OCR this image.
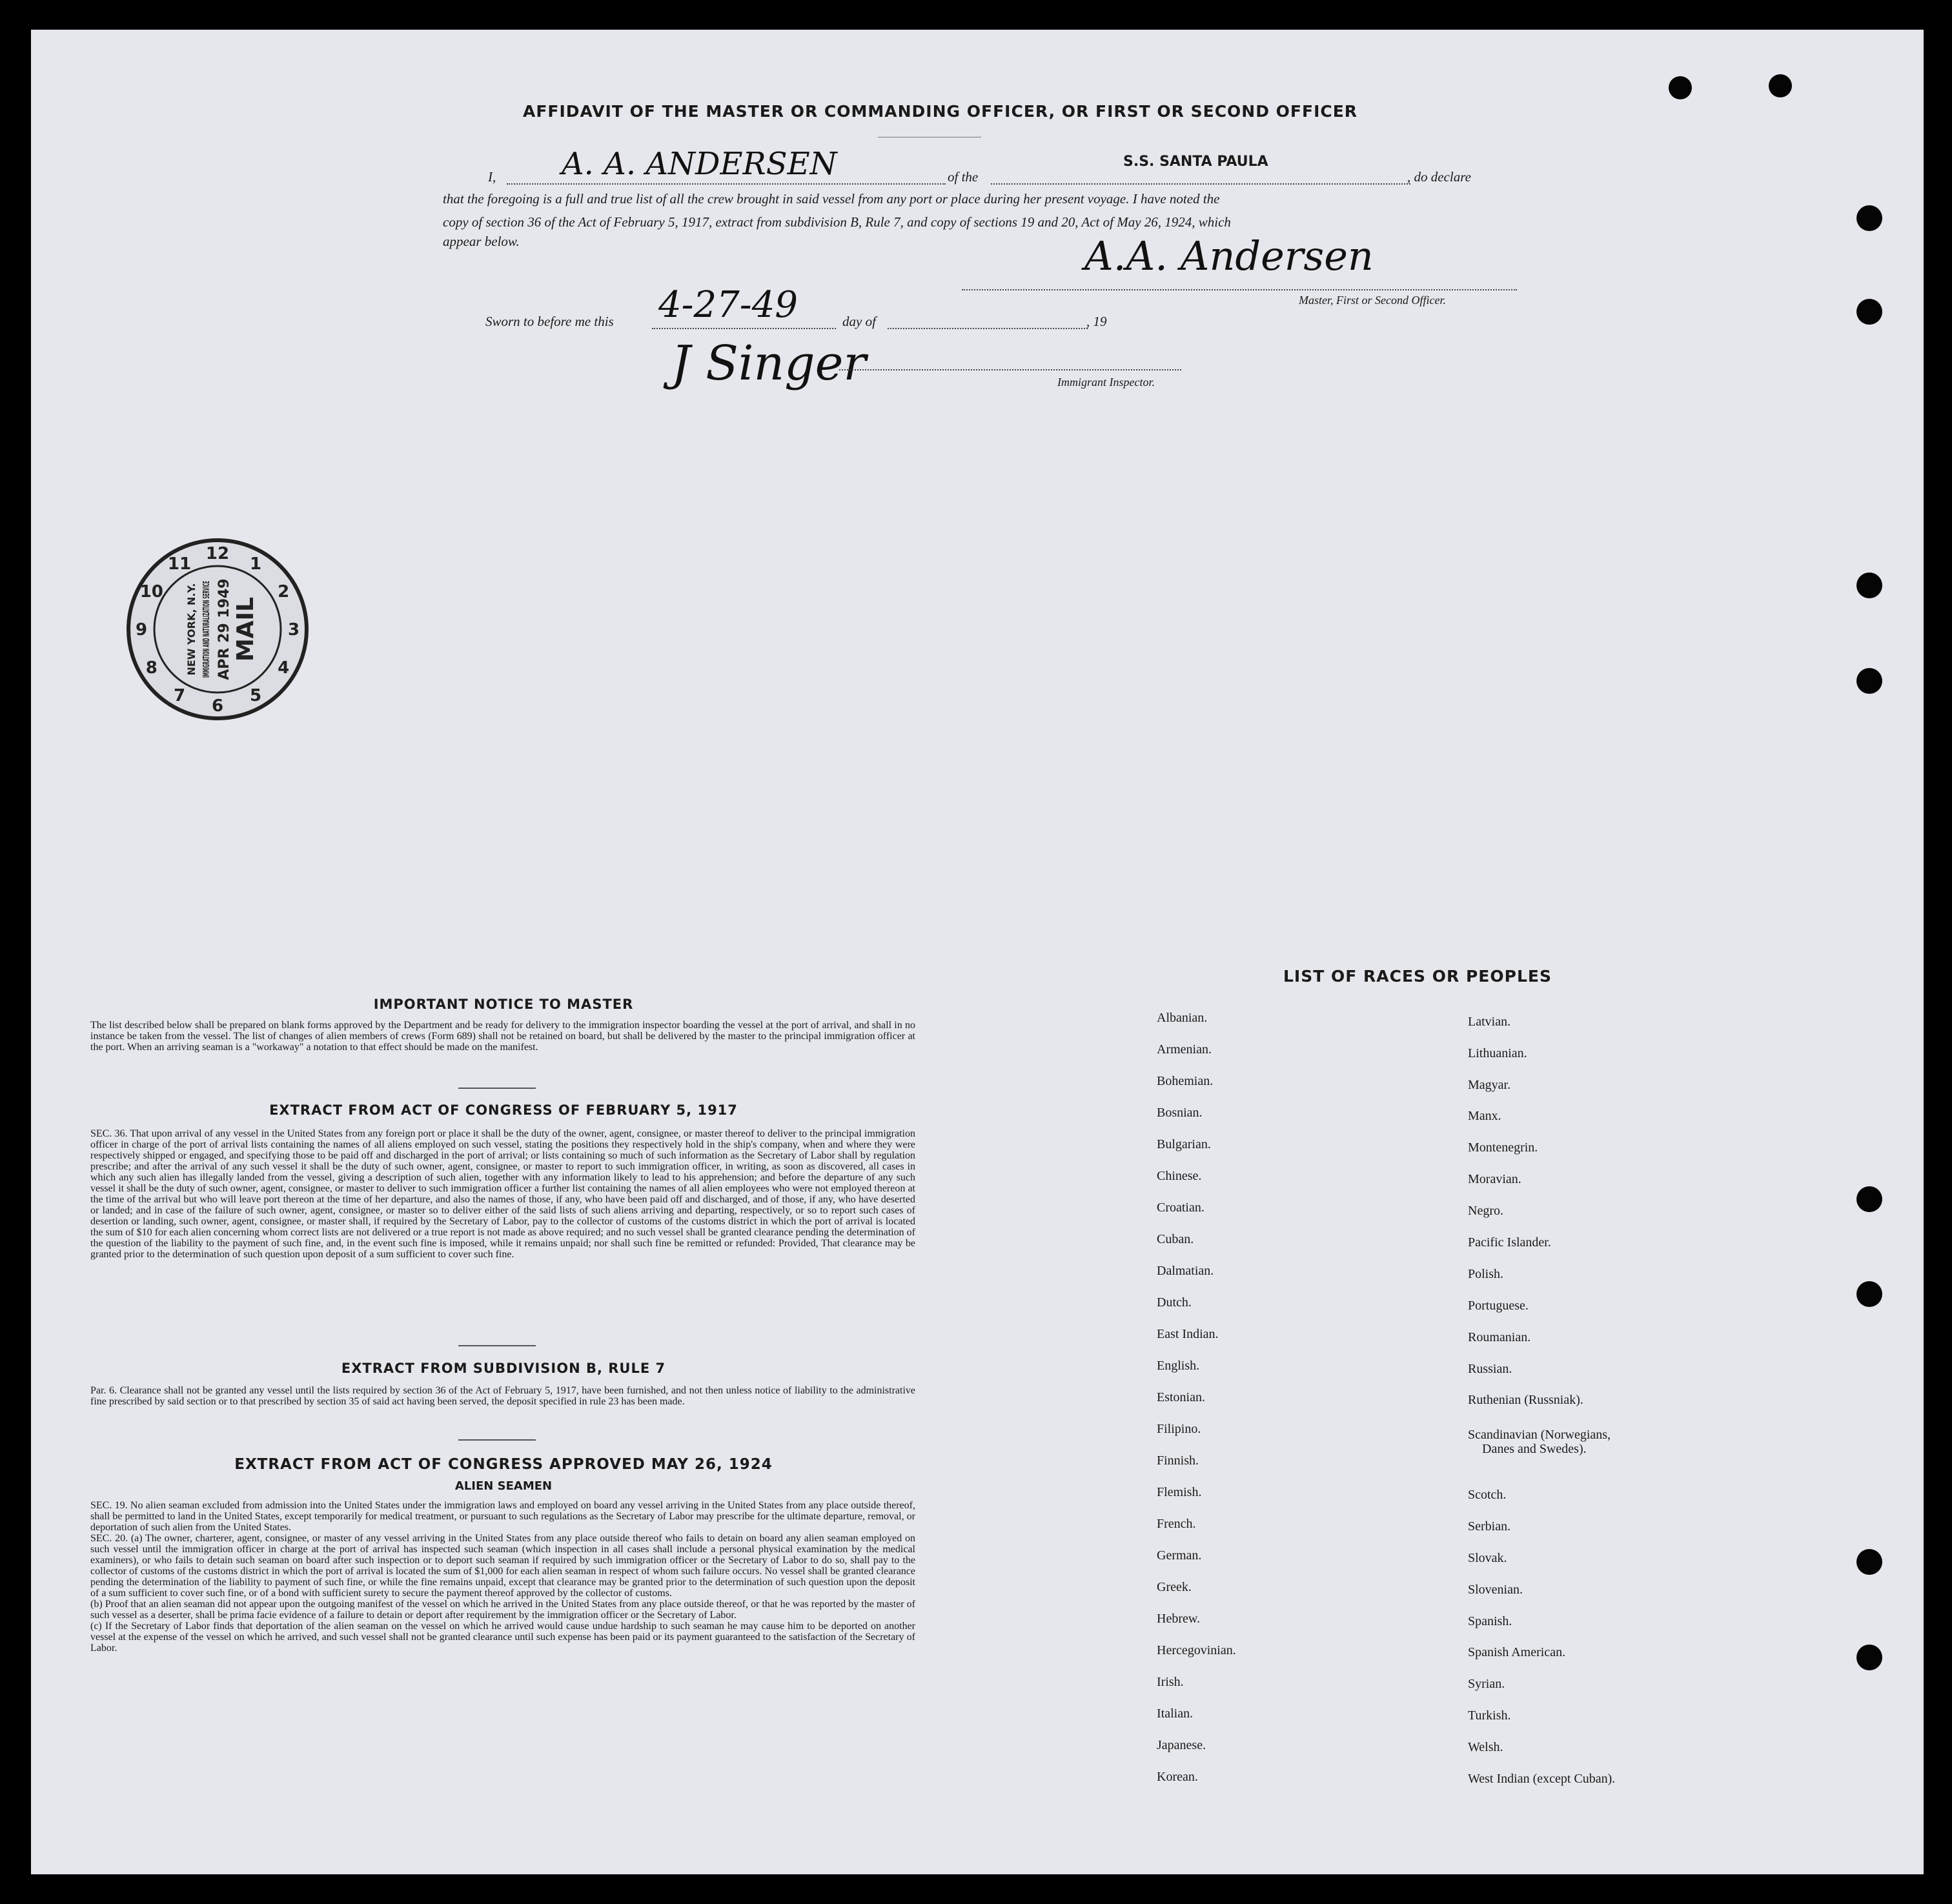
AFFIDAVIT OF THE MASTER OR COMMANDING OFFICER, OR FIRST OR SECOND OFFICER
I, A. A. ANDERSEN	of the
S.S. SANTA PAULA
, do declare
that the foregoing is a full and true list of all the crew brought in said vessel from any port or place during her present voyage. I have noted the
copy of section 36 of the Act of February 5, 1917, extract from subdivision B, Rule 7, and copy of sections 19 and 20, Act of May 26, 1924, which
appear below.	A.A. Andersen
Master, First or Second Officer.
Sworn to before me this 4-27-49	day of	, 19
J Singer	Immigrant Inspector.
12
1
2
3
4
5
6
7
8
9
10
11
NEW YORK, N.Y. IMMIGRATION AND NATURALIZATION SERVICE APR 29 1949 MAIL
IMPORTANT NOTICE TO MASTER
The list described below shall be prepared on blank forms approved by the Department and be ready for delivery to the immigration inspector boarding the vessel at the port of arrival, and shall in no instance be taken from the vessel. The list of changes of alien members of crews (Form 689) shall not be retained on board, but shall be delivered by the master to the principal immigration officer at the port. When an arriving seaman is a "workaway" a notation to that effect should be made on the manifest.
EXTRACT FROM ACT OF CONGRESS OF FEBRUARY 5, 1917
SEC. 36. That upon arrival of any vessel in the United States from any foreign port or place it shall be the duty of the owner, agent, consignee, or master thereof to deliver to the principal immigration officer in charge of the port of arrival lists containing the names of all aliens employed on such vessel, stating the positions they respectively hold in the ship's company, when and where they were respectively shipped or engaged, and specifying those to be paid off and discharged in the port of arrival; or lists containing so much of such information as the Secretary of Labor shall by regulation prescribe; and after the arrival of any such vessel it shall be the duty of such owner, agent, consignee, or master to report to such immigration officer, in writing, as soon as discovered, all cases in which any such alien has illegally landed from the vessel, giving a description of such alien, together with any information likely to lead to his apprehension; and before the departure of any such vessel it shall be the duty of such owner, agent, consignee, or master to deliver to such immigration officer a further list containing the names of all alien employees who were not employed thereon at the time of the arrival but who will leave port thereon at the time of her departure, and also the names of those, if any, who have been paid off and discharged, and of those, if any, who have deserted or landed; and in case of the failure of such owner, agent, consignee, or master so to deliver either of the said lists of such aliens arriving and departing, respectively, or so to report such cases of desertion or landing, such owner, agent, consignee, or master shall, if required by the Secretary of Labor, pay to the collector of customs of the customs district in which the port of arrival is located the sum of $10 for each alien concerning whom correct lists are not delivered or a true report is not made as above required; and no such vessel shall be granted clearance pending the determination of the question of the liability to the payment of such fine, and, in the event such fine is imposed, while it remains unpaid; nor shall such fine be remitted or refunded: Provided, That clearance may be granted prior to the determination of such question upon deposit of a sum sufficient to cover such fine.
EXTRACT FROM SUBDIVISION B, RULE 7
Par. 6. Clearance shall not be granted any vessel until the lists required by section 36 of the Act of February 5, 1917, have been furnished, and not then unless notice of liability to the administrative fine prescribed by said section or to that prescribed by section 35 of said act having been served, the deposit specified in rule 23 has been made.
EXTRACT FROM ACT OF CONGRESS APPROVED MAY 26, 1924
ALIEN SEAMEN
SEC. 19. No alien seaman excluded from admission into the United States under the immigration laws and employed on board any vessel arriving in the United States from any place outside thereof, shall be permitted to land in the United States, except temporarily for medical treatment, or pursuant to such regulations as the Secretary of Labor may prescribe for the ultimate departure, removal, or deportation of such alien from the United States.
SEC. 20. (a) The owner, charterer, agent, consignee, or master of any vessel arriving in the United States from any place outside thereof who fails to detain on board any alien seaman employed on such vessel until the immigration officer in charge at the port of arrival has inspected such seaman (which inspection in all cases shall include a personal physical examination by the medical examiners), or who fails to detain such seaman on board after such inspection or to deport such seaman if required by such immigration officer or the Secretary of Labor to do so, shall pay to the collector of customs of the customs district in which the port of arrival is located the sum of $1,000 for each alien seaman in respect of whom such failure occurs. No vessel shall be granted clearance pending the determination of the liability to payment of such fine, or while the fine remains unpaid, except that clearance may be granted prior to the determination of such question upon the deposit of a sum sufficient to cover such fine, or of a bond with sufficient surety to secure the payment thereof approved by the collector of customs.
(b) Proof that an alien seaman did not appear upon the outgoing manifest of the vessel on which he arrived in the United States from any place outside thereof, or that he was reported by the master of such vessel as a deserter, shall be prima facie evidence of a failure to detain or deport after requirement by the immigration officer or the Secretary of Labor.
(c) If the Secretary of Labor finds that deportation of the alien seaman on the vessel on which he arrived would cause undue hardship to such seaman he may cause him to be deported on another vessel at the expense of the vessel on which he arrived, and such vessel shall not be granted clearance until such expense has been paid or its payment guaranteed to the satisfaction of the Secretary of Labor.
LIST OF RACES OR PEOPLES
Albanian.
Armenian.
Bohemian.
Bosnian.
Bulgarian.
Chinese.
Croatian.
Cuban.
Dalmatian.
Dutch.
East Indian.
English.
Estonian.
Filipino.
Finnish.
Flemish.
French.
German.
Greek.
Hebrew.
Hercegovinian.
Irish.
Italian.
Japanese.
Korean.
Latvian.
Lithuanian.
Magyar.
Manx.
Montenegrin.
Moravian.
Negro.
Pacific Islander.
Polish.
Portuguese.
Roumanian.
Russian.
Ruthenian (Russniak).
Scandinavian (Norwegians,
Danes and Swedes).
Scotch.
Serbian.
Slovak.
Slovenian.
Spanish.
Spanish American.
Syrian.
Turkish.
Welsh.
West Indian (except Cuban).
